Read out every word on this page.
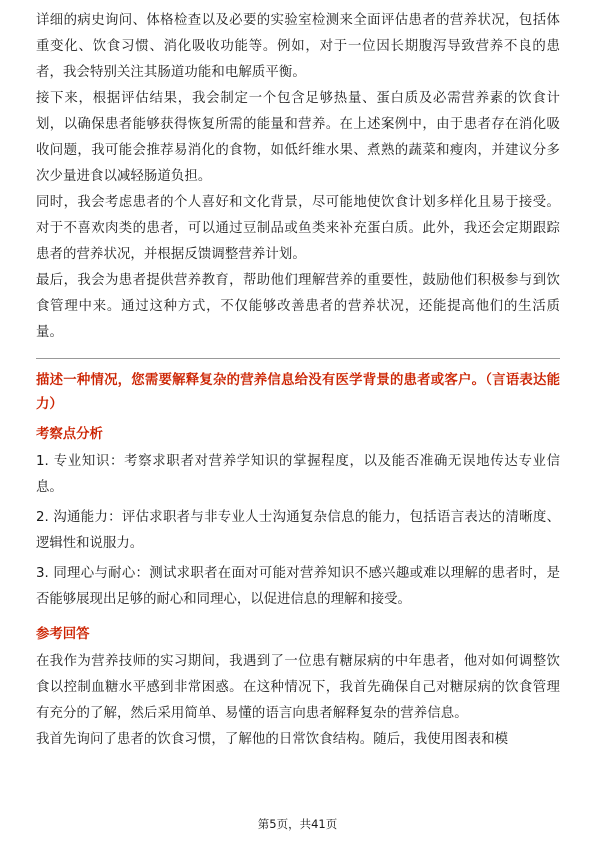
详细的病史询问、体格检查以及必要的实验室检测来全面评估患者的营养状况，包括体重变化、饮食习惯、消化吸收功能等。例如，对于一位因长期腹泻导致营养不良的患者，我会特别关注其肠道功能和电解质平衡。

接下来，根据评估结果，我会制定一个包含足够热量、蛋白质及必需营养素的饮食计划，以确保患者能够获得恢复所需的能量和营养。在上述案例中，由于患者存在消化吸收问题，我可能会推荐易消化的食物，如低纤维水果、煮熟的蔬菜和瘦肉，并建议分多次少量进食以减轻肠道负担。

同时，我会考虑患者的个人喜好和文化背景，尽可能地使饮食计划多样化且易于接受。对于不喜欢肉类的患者，可以通过豆制品或鱼类来补充蛋白质。此外，我还会定期跟踪患者的营养状况，并根据反馈调整营养计划。

最后，我会为患者提供营养教育，帮助他们理解营养的重要性，鼓励他们积极参与到饮食管理中来。通过这种方式，不仅能够改善患者的营养状况，还能提高他们的生活质量。

描述一种情况，您需要解释复杂的营养信息给没有医学背景的患者或客户。（言语表达能力）

考察点分析

1. 专业知识：考察求职者对营养学知识的掌握程度，以及能否准确无误地传达专业信息。

2. 沟通能力：评估求职者与非专业人士沟通复杂信息的能力，包括语言表达的清晰度、逻辑性和说服力。

3. 同理心与耐心：测试求职者在面对可能对营养知识不感兴趣或难以理解的患者时，是否能够展现出足够的耐心和同理心，以促进信息的理解和接受。

参考回答

在我作为营养技师的实习期间，我遇到了一位患有糖尿病的中年患者，他对如何调整饮食以控制血糖水平感到非常困惑。在这种情况下，我首先确保自己对糖尿病的饮食管理有充分的了解，然后采用简单、易懂的语言向患者解释复杂的营养信息。

我首先询问了患者的饮食习惯，了解他的日常饮食结构。随后，我使用图表和模

第5页，共41页
